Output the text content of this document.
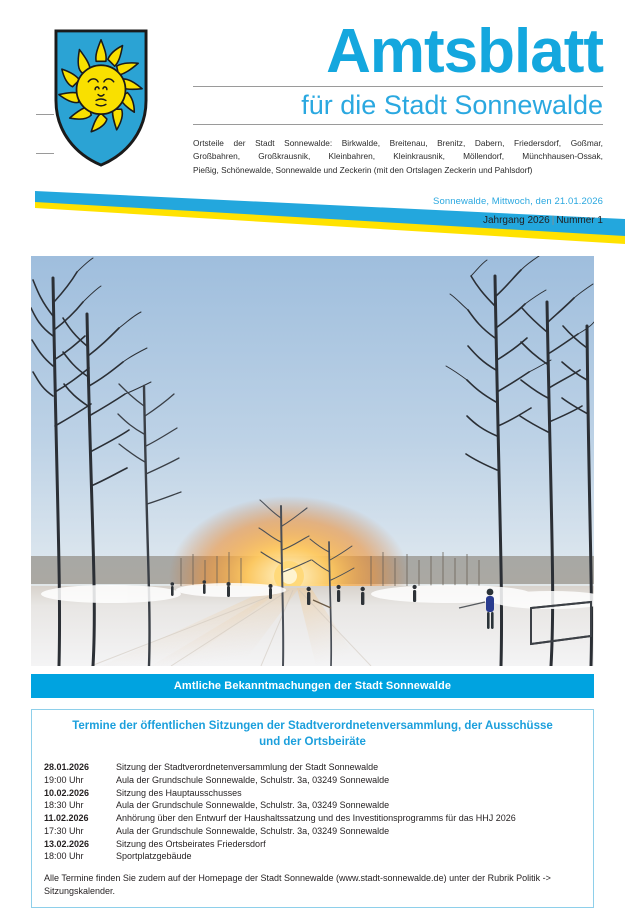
Amtsblatt
für die Stadt Sonnewalde
Ortsteile der Stadt Sonnewalde: Birkwalde, Breitenau, Brenitz, Dabern, Friedersdorf, Goßmar,
Großbahren, Großkrausnik, Kleinbahren, Kleinkrausnik, Möllendorf, Münchhausen-Ossak,
Pießig, Schönewalde, Sonnewalde und Zeckerin (mit den Ortslagen Zeckerin und Pahlsdorf)
Sonnewalde, Mittwoch, den 21.01.2026
Jahrgang 2026 | Nummer 1
Amtliche Bekanntmachungen der Stadt Sonnewalde
Termine der öffentlichen Sitzungen der Stadtverordnetenversammlung, der Ausschüsse
und der Ortsbeiräte
28.01.2026	Sitzung der Stadtverordnetenversammlung der Stadt Sonnewalde
19:00 Uhr	Aula der Grundschule Sonnewalde, Schulstr. 3a, 03249 Sonnewalde
10.02.2026	Sitzung des Hauptausschusses
18:30 Uhr	Aula der Grundschule Sonnewalde, Schulstr. 3a, 03249 Sonnewalde
11.02.2026	Anhörung über den Entwurf der Haushaltssatzung und des Investitionsprogramms für das HHJ 2026
17:30 Uhr	Aula der Grundschule Sonnewalde, Schulstr. 3a, 03249 Sonnewalde
13.02.2026	Sitzung des Ortsbeirates Friedersdorf
18:00 Uhr	Sportplatzgebäude
Alle Termine finden Sie zudem auf der Homepage der Stadt Sonnewalde (www.stadt-sonnewalde.de) unter der Rubrik Politik -> Sitzungskalender.
